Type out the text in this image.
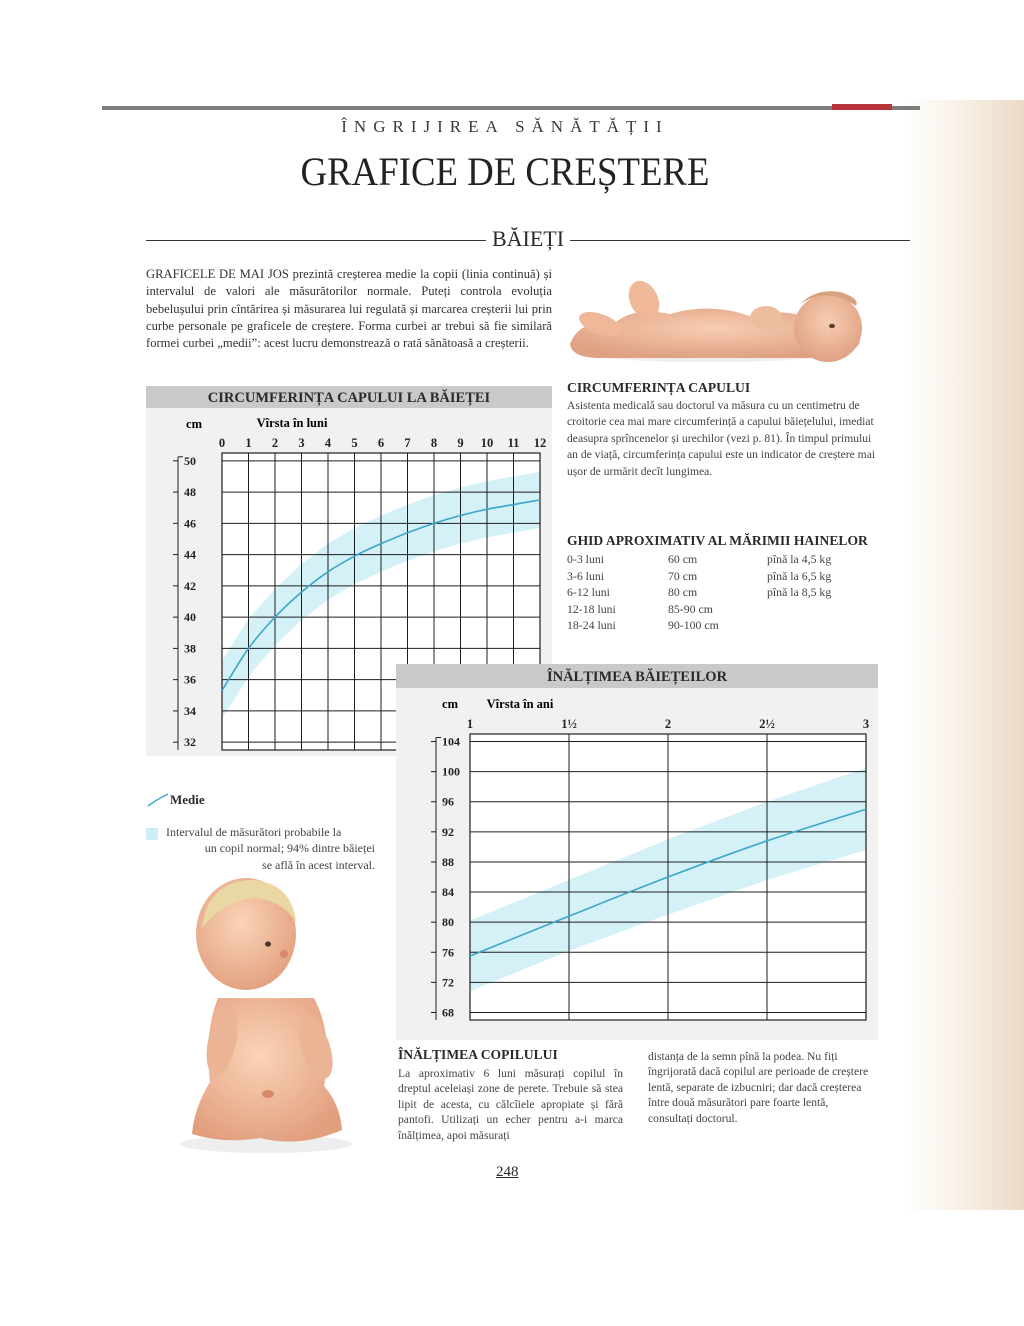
ÎNGRIJIREA SĂNĂTĂȚII
GRAFICE DE CREȘTERE
BĂIEȚI
GRAFICELE DE MAI JOS prezintă creșterea medie la copii (linia continuă) și intervalul de valori ale măsurătorilor normale. Puteți controla evoluția bebelușului prin cîntărirea și măsurarea lui regulată și marcarea creșterii lui prin curbe personale pe graficele de creștere. Forma curbei ar trebui să fie similară formei curbei „medii”: acest lucru demonstrează o rată sănătoasă a creșterii.
CIRCUMFERINȚA CAPULUI LA BĂIEȚEI
cm	Vîrsta în luni
0 1 2 3 4 5 6 7 8 9 10 11 12
50
48
46
44
42
40
38
36
34
32
CIRCUMFERINȚA CAPULUI
Asistenta medicală sau doctorul va măsura cu un centimetru de croitorie cea mai mare circumferință a capului băiețelului, imediat deasupra sprîncenelor și urechilor (vezi p. 81). În timpul primului an de viață, circumferința capului este un indicator de creștere mai ușor de urmărit decît lungimea.
GHID APROXIMATIV AL MĂRIMII HAINELOR
0-3 luni	60 cm	pînă la 4,5 kg
3-6 luni	70 cm	pînă la 6,5 kg
6-12 luni	80 cm	pînă la 8,5 kg
12-18 luni	85-90 cm
18-24 luni	90-100 cm
ÎNĂLȚIMEA BĂIEȚEILOR
cm Vîrsta în ani
1	1½	2	2½	3
104
100
96
92
88
84
80
76
72
68
Medie
Intervalul de măsurători probabile la
un copil normal; 94% dintre băieței
se află în acest interval.
ÎNĂLȚIMEA COPILULUI
La aproximativ 6 luni măsurați copilul în dreptul aceleiași zone de perete. Trebuie să stea lipit de acesta, cu călcîiele apropiate și fără pantofi. Utilizați un echer pentru a-i marca înălțimea, apoi măsurați
distanța de la semn pînă la podea. Nu fiți îngrijorată dacă copilul are perioade de creștere lentă, separate de izbucniri; dar dacă creșterea între două măsurători pare foarte lentă, consultați doctorul.
248
